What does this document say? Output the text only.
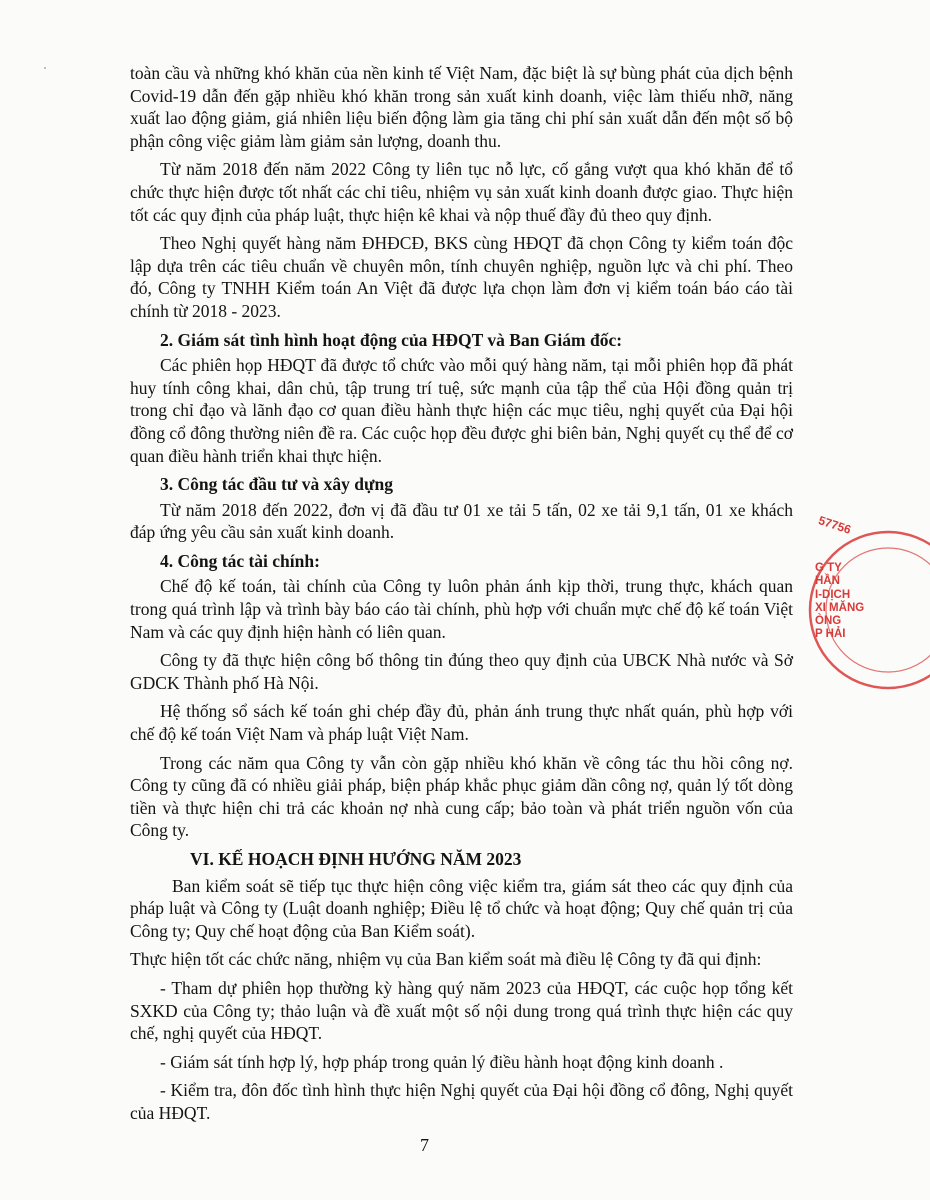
toàn cầu và những khó khăn của nền kinh tế Việt Nam, đặc biệt là sự bùng phát của dịch bệnh Covid-19 dẫn đến gặp nhiều khó khăn trong sản xuất kinh doanh, việc làm thiếu nhỡ, năng xuất lao động giảm, giá nhiên liệu biến động làm gia tăng chi phí sản xuất dẫn đến một số bộ phận công việc giảm làm giảm sản lượng, doanh thu.

Từ năm 2018 đến năm 2022 Công ty liên tục nỗ lực, cố gắng vượt qua khó khăn để tổ chức thực hiện được tốt nhất các chỉ tiêu, nhiệm vụ sản xuất kinh doanh được giao. Thực hiện tốt các quy định của pháp luật, thực hiện kê khai và nộp thuế đầy đủ theo quy định.

Theo Nghị quyết hàng năm ĐHĐCĐ, BKS cùng HĐQT đã chọn Công ty kiểm toán độc lập dựa trên các tiêu chuẩn về chuyên môn, tính chuyên nghiệp, nguồn lực và chi phí. Theo đó, Công ty TNHH Kiểm toán An Việt đã được lựa chọn làm đơn vị kiểm toán báo cáo tài chính từ 2018 - 2023.

2. Giám sát tình hình hoạt động của HĐQT và Ban Giám đốc:

Các phiên họp HĐQT đã được tổ chức vào mỗi quý hàng năm, tại mỗi phiên họp đã phát huy tính công khai, dân chủ, tập trung trí tuệ, sức mạnh của tập thể của Hội đồng quản trị trong chỉ đạo và lãnh đạo cơ quan điều hành thực hiện các mục tiêu, nghị quyết của Đại hội đồng cổ đông thường niên đề ra. Các cuộc họp đều được ghi biên bản, Nghị quyết cụ thể để cơ quan điều hành triển khai thực hiện.

3. Công tác đầu tư và xây dựng

Từ năm 2018 đến 2022, đơn vị đã đầu tư 01 xe tải 5 tấn, 02 xe tải 9,1 tấn, 01 xe khách đáp ứng yêu cầu sản xuất kinh doanh.

4. Công tác tài chính:

Chế độ kế toán, tài chính của Công ty luôn phản ánh kịp thời, trung thực, khách quan trong quá trình lập và trình bày báo cáo tài chính, phù hợp với chuẩn mực chế độ kế toán Việt Nam và các quy định hiện hành có liên quan.

Công ty đã thực hiện công bố thông tin đúng theo quy định của UBCK Nhà nước và Sở GDCK Thành phố Hà Nội.

Hệ thống sổ sách kế toán ghi chép đầy đủ, phản ánh trung thực nhất quán, phù hợp với chế độ kế toán Việt Nam và pháp luật Việt Nam.

Trong các năm qua Công ty vẫn còn gặp nhiều khó khăn về công tác thu hồi công nợ. Công ty cũng đã có nhiều giải pháp, biện pháp khắc phục giảm dần công nợ, quản lý tốt dòng tiền và thực hiện chi trả các khoản nợ nhà cung cấp; bảo toàn và phát triển nguồn vốn của Công ty.

VI. KẾ HOẠCH ĐỊNH HƯỚNG NĂM 2023

Ban kiểm soát sẽ tiếp tục thực hiện công việc kiểm tra, giám sát theo các quy định của pháp luật và Công ty (Luật doanh nghiệp; Điều lệ tổ chức và hoạt động; Quy chế quản trị của Công ty; Quy chế hoạt động của Ban Kiểm soát).

Thực hiện tốt các chức năng, nhiệm vụ của Ban kiểm soát mà điều lệ Công ty đã qui định:

- Tham dự phiên họp thường kỳ hàng quý năm 2023 của HĐQT, các cuộc họp tổng kết SXKD của Công ty; thảo luận và đề xuất một số nội dung trong quá trình thực hiện các quy chế, nghị quyết của HĐQT.

- Giám sát tính hợp lý, hợp pháp trong quản lý điều hành hoạt động kinh doanh .

- Kiểm tra, đôn đốc tình hình thực hiện Nghị quyết của Đại hội đồng cổ đông, Nghị quyết của HĐQT.

7
57756
G TY
HẦN
I-DỊCH
XI MĂNG
ÒNG
P HẢI
